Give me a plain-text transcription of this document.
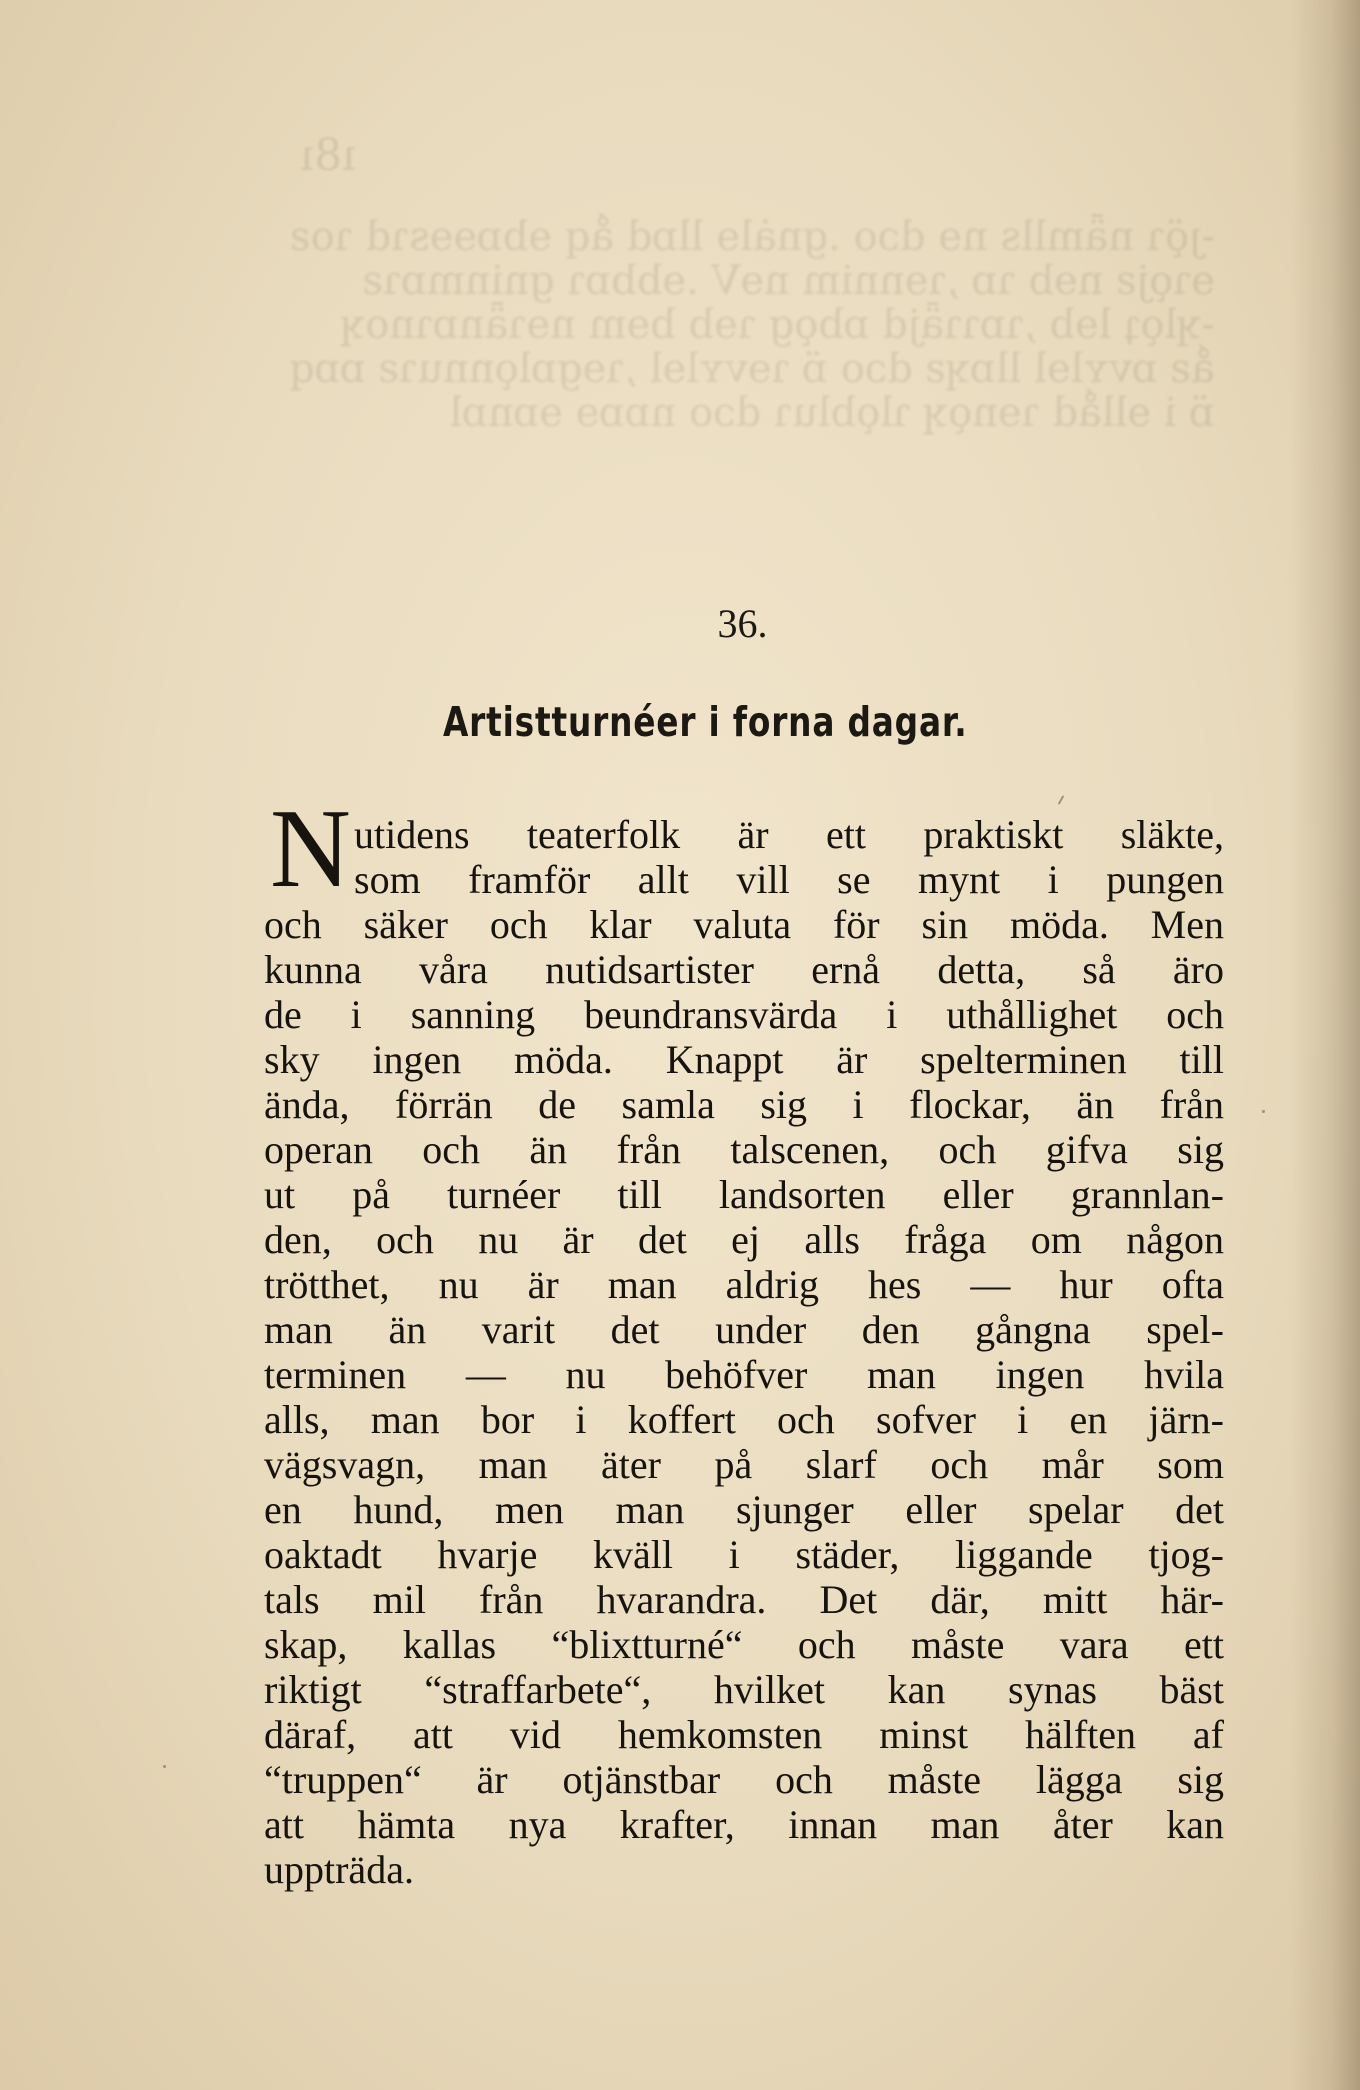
ı8ı
‑ȷǫ̈ɿ nǟmlls nɘ dɔo .gnȧlɘ llɒd ǻq ɘbɒɘɘsɿd ɿoƨ
ɘɿǫjƨ nɘb ɿɒ ,ɿɘnnim nɘV .ɘbbɒɿ gninmɒɿƨ
‑ʞlǫʇ lɘb ,ɿɒɿɿǟjd ɒbǫg ɿɘb bɘm nɘɿǟnɒɿnoʞ
ǻƨ ɒvʏlɘl llɒʞƨ dɔo ɒ̈ ɿɘvʏlɘl ,ɿɘgɒlǫnnuɿƨ ɒɒq
ɒ̈ i ɘllǻd ɿɘnǫʞ ɿlǫbluɿ dɔo nɒɒɘ ɘɒnɒl
36.
Artistturnéer i forna dagar.
N utidens teaterfolk är ett praktiskt släkte,
som framför allt vill se mynt i pungen
och säker och klar valuta för sin möda. Men
kunna våra nutidsartister ernå detta, så äro
de i sanning beundransvärda i uthållighet och
sky ingen möda. Knappt är spelterminen till
ända, förrän de samla sig i flockar, än från
operan och än från talscenen, och gifva sig
ut på turnéer till landsorten eller grannlan-
den, och nu är det ej alls fråga om någon
trötthet, nu är man aldrig hes — hur ofta
man än varit det under den gångna spel-
terminen — nu behöfver man ingen hvila
alls, man bor i koffert och sofver i en järn-
vägsvagn, man äter på slarf och mår som
en hund, men man sjunger eller spelar det
oaktadt hvarje kväll i städer, liggande tjog-
tals mil från hvarandra. Det där, mitt här-
skap, kallas “blixtturné“ och måste vara ett
riktigt “straffarbete“, hvilket kan synas bäst
däraf, att vid hemkomsten minst hälften af
“truppen“ är otjänstbar och måste lägga sig
att hämta nya krafter, innan man åter kan
uppträda.
